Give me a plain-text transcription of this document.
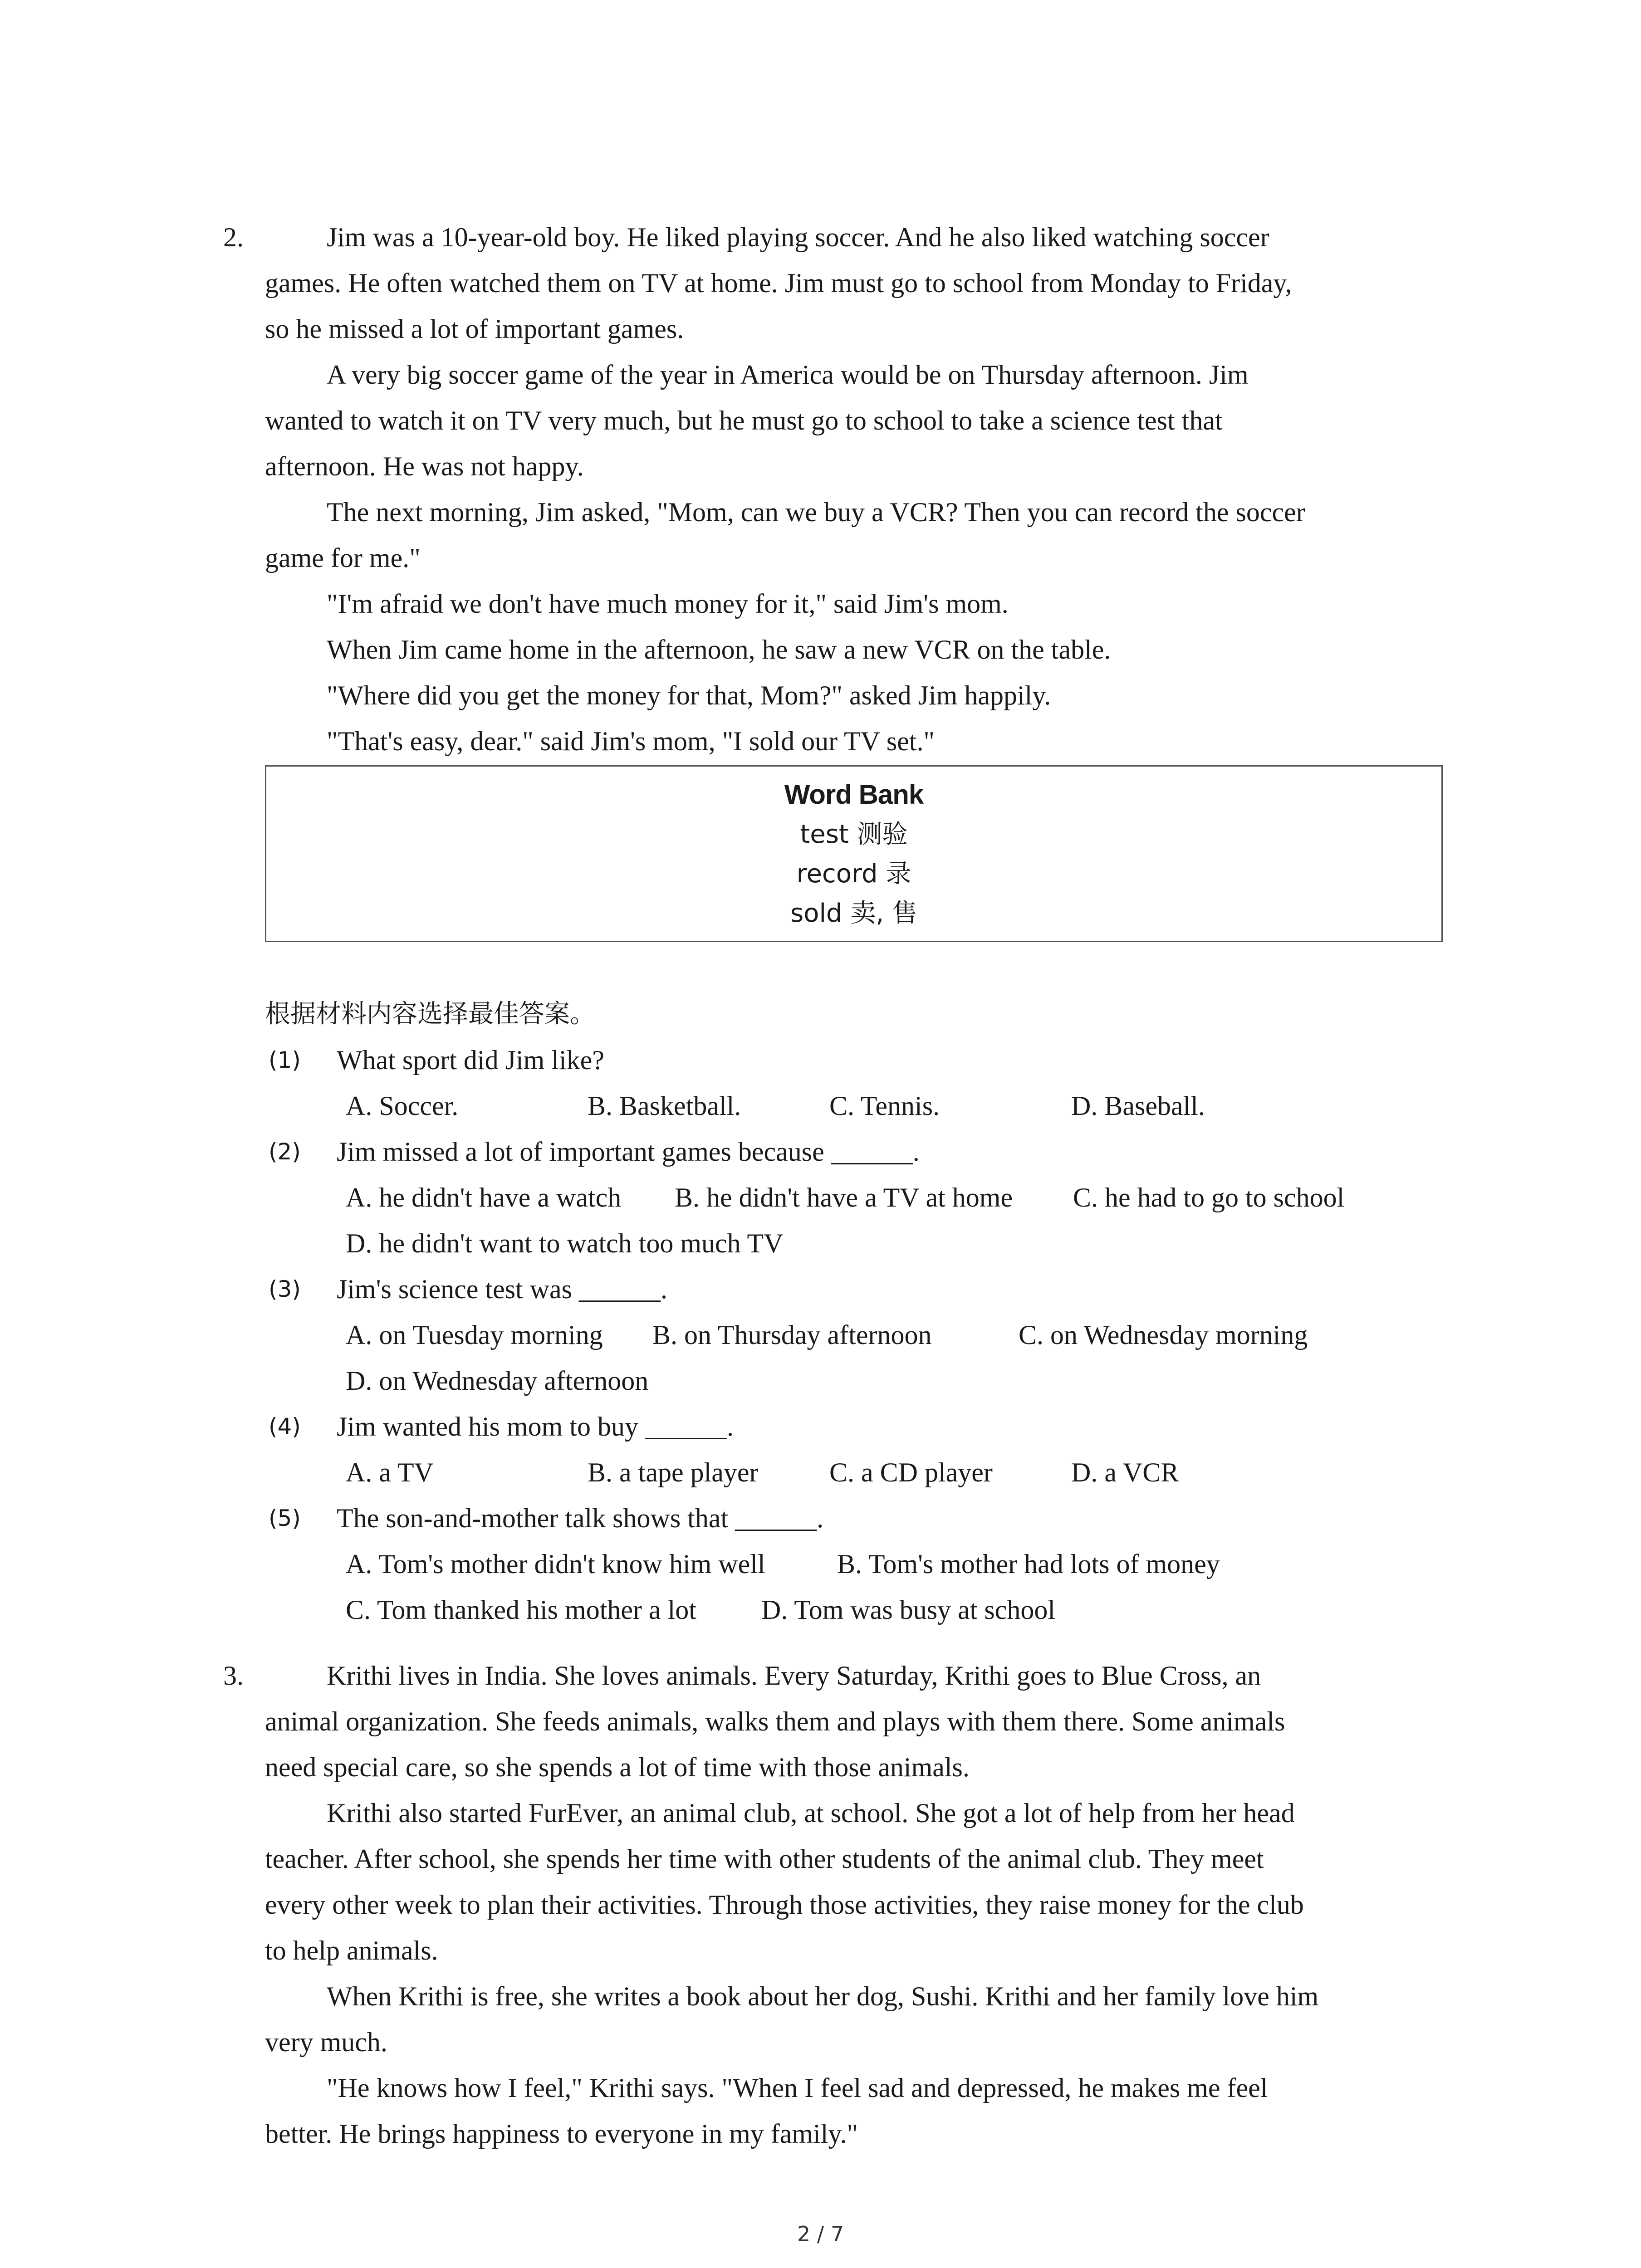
2.	Jim was a 10-year-old boy. He liked playing soccer. And he also liked watching soccer
games. He often watched them on TV at home. Jim must go to school from Monday to Friday,
so he missed a lot of important games.
A very big soccer game of the year in America would be on Thursday afternoon. Jim
wanted to watch it on TV very much, but he must go to school to take a science test that
afternoon. He was not happy.
The next morning, Jim asked, "Mom, can we buy a VCR? Then you can record the soccer
game for me."
"I'm afraid we don't have much money for it," said Jim's mom.
When Jim came home in the afternoon, he saw a new VCR on the table.
"Where did you get the money for that, Mom?" asked Jim happily.
"That's easy, dear." said Jim's mom, "I sold our TV set."
Word Bank
test 测验
record 录
sold 卖, 售
根据材料内容选择最佳答案。
(1) What sport did Jim like?
A. Soccer.	B. Basketball.	C. Tennis.	D. Baseball.
(2) Jim missed a lot of important games because ______.
A. he didn't have a watch B. he didn't have a TV at home C. he had to go to school
D. he didn't want to watch too much TV
(3) Jim's science test was ______.
A. on Tuesday morning B. on Thursday afternoon	C. on Wednesday morning
D. on Wednesday afternoon
(4) Jim wanted his mom to buy ______.
A. a TV	B. a tape player	C. a CD player	D. a VCR
(5) The son-and-mother talk shows that ______.
A. Tom's mother didn't know him well	B. Tom's mother had lots of money
C. Tom thanked his mother a lot D. Tom was busy at school
3.	Krithi lives in India. She loves animals. Every Saturday, Krithi goes to Blue Cross, an
animal organization. She feeds animals, walks them and plays with them there. Some animals
need special care, so she spends a lot of time with those animals.
Krithi also started FurEver, an animal club, at school. She got a lot of help from her head
teacher. After school, she spends her time with other students of the animal club. They meet
every other week to plan their activities. Through those activities, they raise money for the club
to help animals.
When Krithi is free, she writes a book about her dog, Sushi. Krithi and her family love him
very much.
"He knows how I feel," Krithi says. "When I feel sad and depressed, he makes me feel
better. He brings happiness to everyone in my family."
2 / 7
